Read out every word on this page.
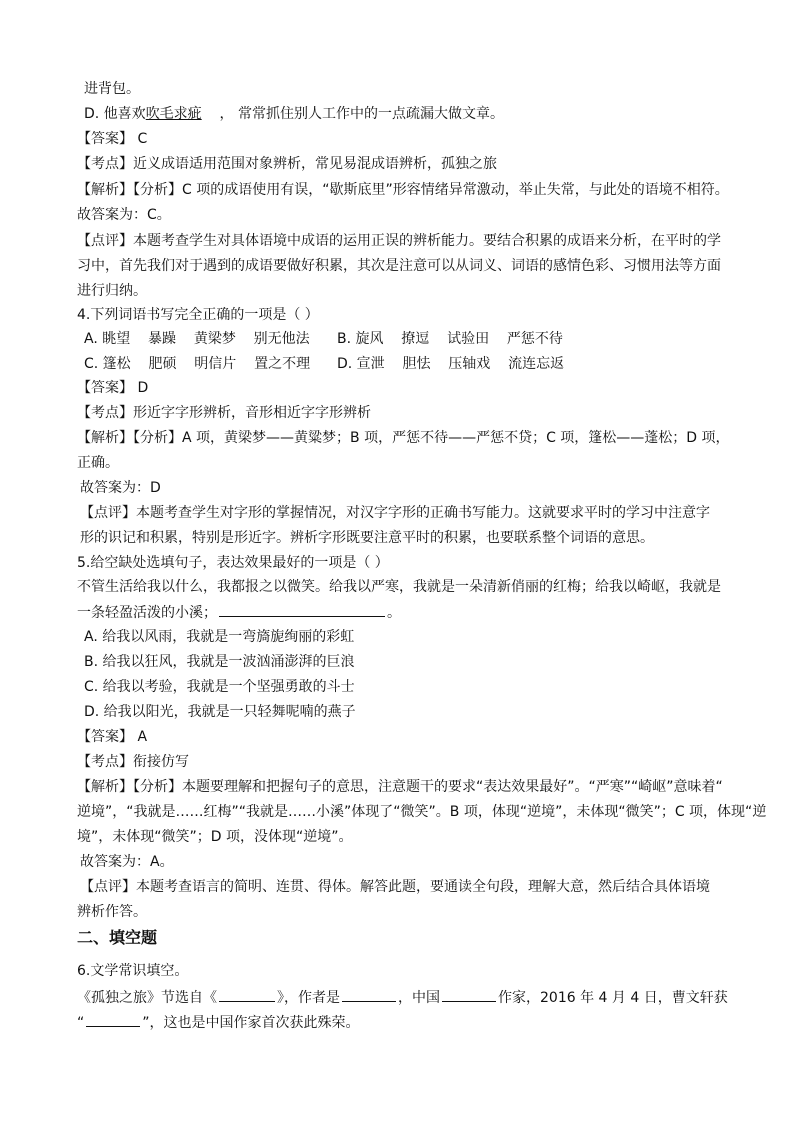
进背包。
D. 他喜欢吹毛求疵 ， 常常抓住别人工作中的一点疏漏大做文章。
【答案】 C
【考点】近义成语适用范围对象辨析，常见易混成语辨析，孤独之旅
【解析】【分析】C 项的成语使用有误，“歇斯底里”形容情绪异常激动，举止失常，与此处的语境不相符。
故答案为：C。
【点评】本题考查学生对具体语境中成语的运用正误的辨析能力。要结合积累的成语来分析，在平时的学
习中，首先我们对于遇到的成语要做好积累，其次是注意可以从词义、词语的感情色彩、习惯用法等方面
进行归纳。
4.下列词语书写完全正确的一项是（ ）
A. 眺望    暴躁    黄梁梦    别无他法 B. 旋风    撩逗    试验田    严惩不待
C. 篷松    肥硕    明信片    置之不理 D. 宣泄    胆怯    压轴戏    流连忘返
【答案】 D
【考点】形近字字形辨析，音形相近字字形辨析
【解析】【分析】A 项，黄梁梦——黄粱梦；B 项，严惩不待——严惩不贷；C 项，篷松——蓬松；D 项，
正确。
故答案为：D
【点评】本题考查学生对字形的掌握情况，对汉字字形的正确书写能力。这就要求平时的学习中注意字
形的识记和积累，特别是形近字。辨析字形既要注意平时的积累，也要联系整个词语的意思。
5.给空缺处选填句子，表达效果最好的一项是（ ）
不管生活给我以什么，我都报之以微笑。给我以严寒，我就是一朵清新俏丽的红梅；给我以崎岖，我就是
一条轻盈活泼的小溪；	。
A. 给我以风雨，我就是一弯旖旎绚丽的彩虹
B. 给我以狂风，我就是一波汹涌澎湃的巨浪
C. 给我以考验，我就是一个坚强勇敢的斗士
D. 给我以阳光，我就是一只轻舞呢喃的燕子
【答案】 A
【考点】衔接仿写
【解析】【分析】本题要理解和把握句子的意思，注意题干的要求“表达效果最好”。“严寒”“崎岖”意味着“
逆境”，“我就是……红梅”“我就是……小溪”体现了“微笑”。B 项，体现“逆境”，未体现“微笑”；C 项，体现“逆
境”，未体现“微笑”；D 项，没体现“逆境”。
故答案为：A。
【点评】本题考查语言的简明、连贯、得体。解答此题，要通读全句段，理解大意，然后结合具体语境
辨析作答。
二、填空题
6.文学常识填空。
《孤独之旅》节选自《	》，作者是	，中国	作家，2016 年 4 月 4 日，曹文轩获
“	”，这也是中国作家首次获此殊荣。
